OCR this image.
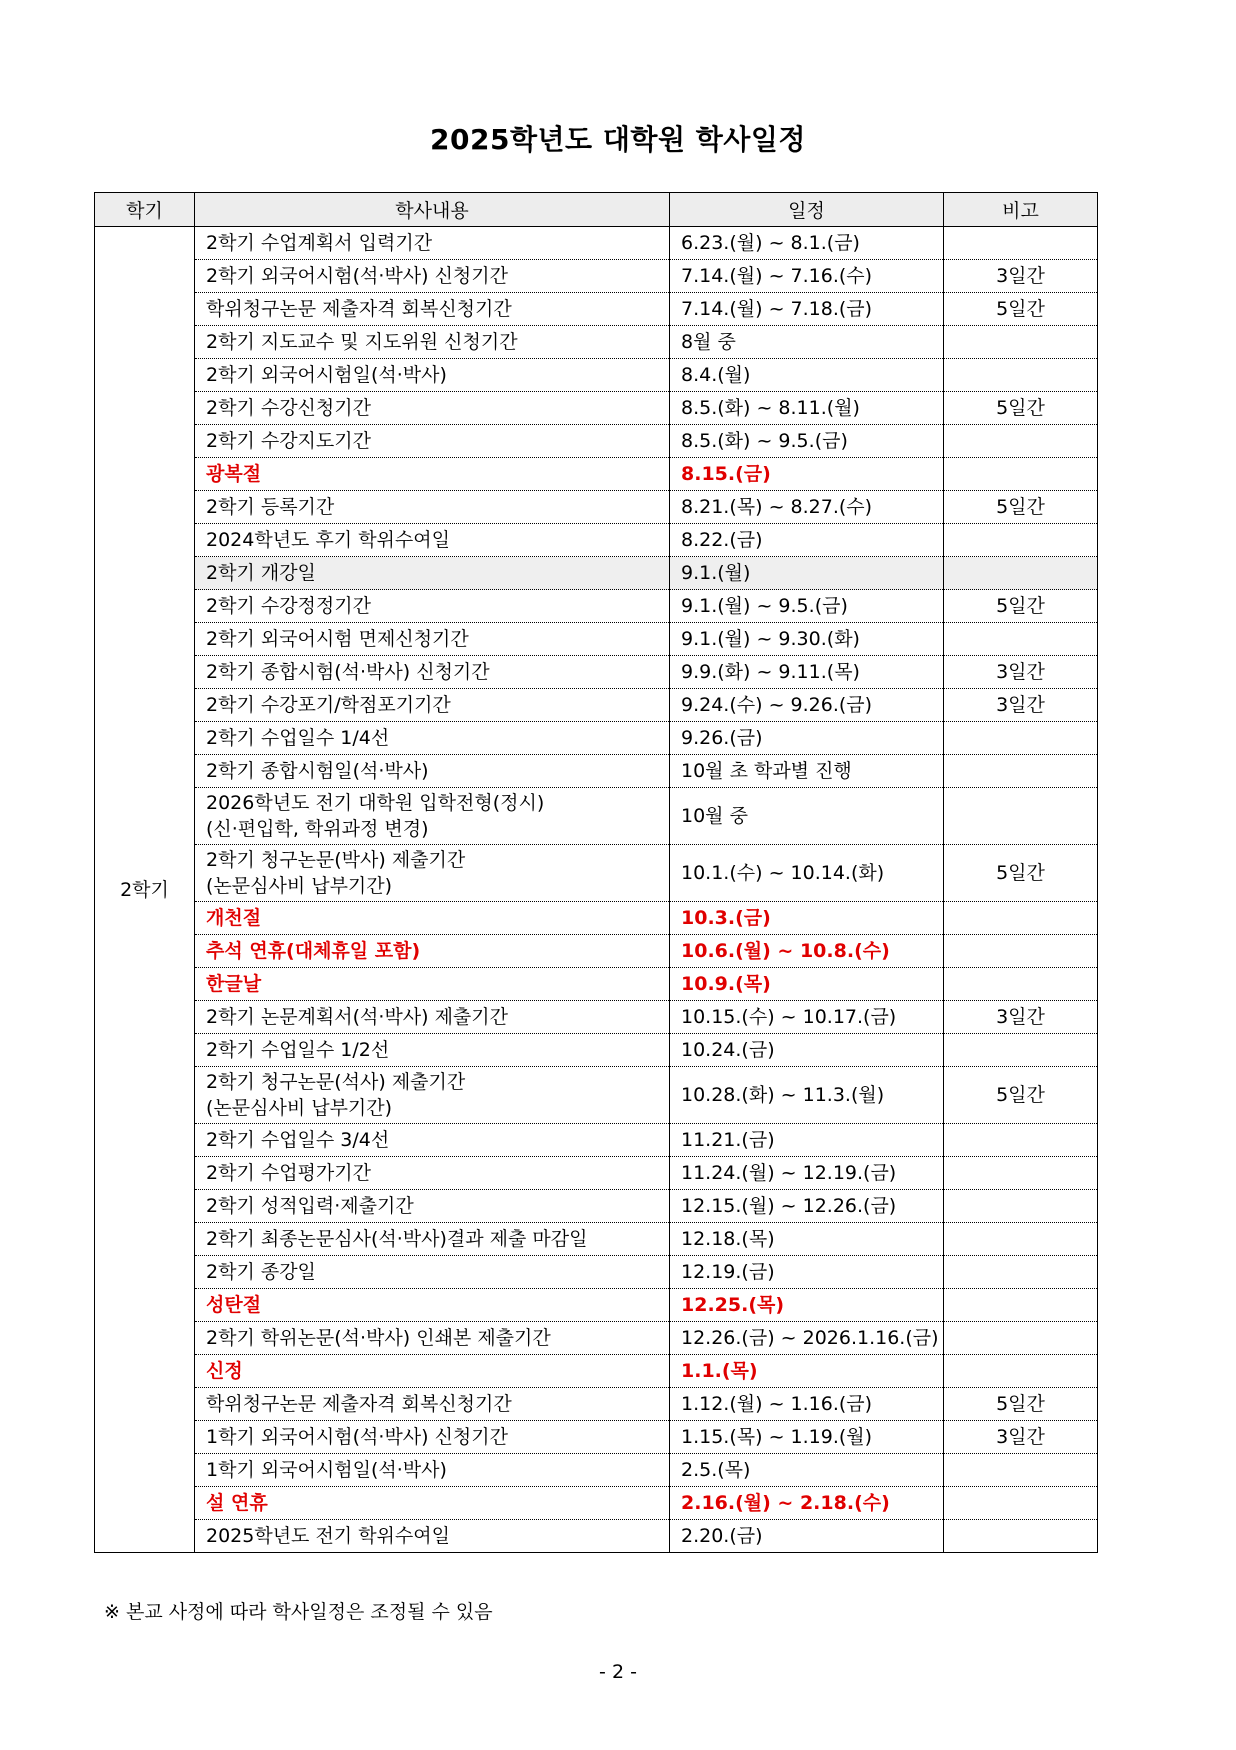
2025학년도 대학원 학사일정
학기	학사내용	일정	비고
2학기	2학기 수업계획서 입력기간	6.23.(월) ~ 8.1.(금)	

	2학기 외국어시험(석·박사) 신청기간	7.14.(월) ~ 7.16.(수)	3일간

	학위청구논문 제출자격 회복신청기간	7.14.(월) ~ 7.18.(금)	5일간

	2학기 지도교수 및 지도위원 신청기간	8월 중	

	2학기 외국어시험일(석·박사)	8.4.(월)	

	2학기 수강신청기간	8.5.(화) ~ 8.11.(월)	5일간

	2학기 수강지도기간	8.5.(화) ~ 9.5.(금)	

	광복절	8.15.(금)	

	2학기 등록기간	8.21.(목) ~ 8.27.(수)	5일간

	2024학년도 후기 학위수여일	8.22.(금)	

	2학기 개강일	9.1.(월)	

	2학기 수강정정기간	9.1.(월) ~ 9.5.(금)	5일간

	2학기 외국어시험 면제신청기간	9.1.(월) ~ 9.30.(화)	

	2학기 종합시험(석·박사) 신청기간	9.9.(화) ~ 9.11.(목)	3일간

	2학기 수강포기/학점포기기간	9.24.(수) ~ 9.26.(금)	3일간

	2학기 수업일수 1/4선	9.26.(금)	

	2학기 종합시험일(석·박사)	10월 초 학과별 진행	

	2026학년도 전기 대학원 입학전형(정시)
(신·편입학, 학위과정 변경)	10월 중	

	2학기 청구논문(박사) 제출기간
(논문심사비 납부기간)	10.1.(수) ~ 10.14.(화)	5일간

	개천절	10.3.(금)	

	추석 연휴(대체휴일 포함)	10.6.(월) ~ 10.8.(수)	

	한글날	10.9.(목)	

	2학기 논문계획서(석·박사) 제출기간	10.15.(수) ~ 10.17.(금)	3일간

	2학기 수업일수 1/2선	10.24.(금)	

	2학기 청구논문(석사) 제출기간
(논문심사비 납부기간)	10.28.(화) ~ 11.3.(월)	5일간

	2학기 수업일수 3/4선	11.21.(금)	

	2학기 수업평가기간	11.24.(월) ~ 12.19.(금)	

	2학기 성적입력·제출기간	12.15.(월) ~ 12.26.(금)	

	2학기 최종논문심사(석·박사)결과 제출 마감일	12.18.(목)	

	2학기 종강일	12.19.(금)	

	성탄절	12.25.(목)	

	2학기 학위논문(석·박사) 인쇄본 제출기간	12.26.(금) ~ 2026.1.16.(금)	

	신정	1.1.(목)	

	학위청구논문 제출자격 회복신청기간	1.12.(월) ~ 1.16.(금)	5일간

	1학기 외국어시험(석·박사) 신청기간	1.15.(목) ~ 1.19.(월)	3일간

	1학기 외국어시험일(석·박사)	2.5.(목)	

	설 연휴	2.16.(월) ~ 2.18.(수)	

	2025학년도 전기 학위수여일	2.20.(금)	
※ 본교 사정에 따라 학사일정은 조정될 수 있음
- 2 -
